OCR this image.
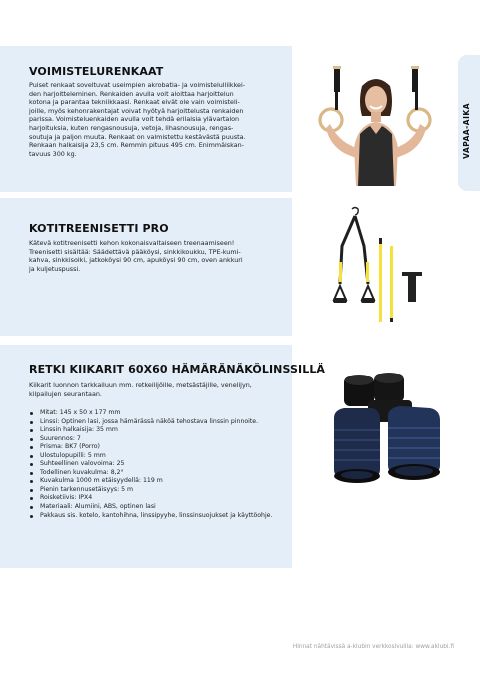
VAPAA-AIKA
VOIMISTELURENKAAT
Puiset renkaat soveltuvat useimpien akrobatia- ja voimistelulliikkei-
den harjoitteleminen. Renkaiden avulla voit aloittaa harjoittelun
kotona ja parantaa tekniikkaasi. Renkaat eivät ole vain voimisteli-
joille, myös kehonrakentajat voivat hyötyä harjoittelusta renkaiden
parissa. Voimisteluenkaiden avulla voit tehdä erilaisia ylävartalon
harjoituksia, kuten rengasnousuja, vetoja, lihasnousuja, rengas-
soutuja ja paljon muuta. Renkaat on valmistettu kestävästä puusta.
Renkaan halkaisija 23,5 cm. Remmin pituus 495 cm. Enimmäiskan-
tavuus 300 kg.
KOTITREENISETTI PRO
Kätevä kotitreenisetti kehon kokonaisvaltaiseen treenaamiseen!
Treenisetti sisältää: Säädettävä pääköysi, sinkkikoukku, TPE-kumi-
kahva, sinkkisolki, jatkoköysi 90 cm, apuköysi 90 cm, oven ankkuri
ja kuljetuspussi.
RETKI KIIKARIT 60X60 HÄMÄRÄNÄKÖLINSSILLÄ
Kiikarit luonnon tarkkailuun mm. retkeilijöille, metsästäjille, venelijyn,
kilpailujen seurantaan.
Mitat: 145 x 50 x 177 mm
Linssi: Optinen lasi, jossa hämärässä näköä tehostava linssin pinnoite.
Linssin halkaisija: 35 mm
Suurennos: 7
Prisma: BK7 (Porro)
Ulostulopupilli: 5 mm
Suhteellinen valovoima: 25
Todellinen kuvakulma: 8,2°
Kuvakulma 1000 m etäisyydellä: 119 m
Pienin tarkennusetäisyys: 5 m
Roisketiivis: IPX4
Materiaali: Alumiini, ABS, optinen lasi
Pakkaus sis. kotelo, kantohihna, linssipyyhe, linssinsuojukset ja käyttöohje.
Hinnat nähtävissä a-klubin verkkosivuilla: www.aklubi.fi
